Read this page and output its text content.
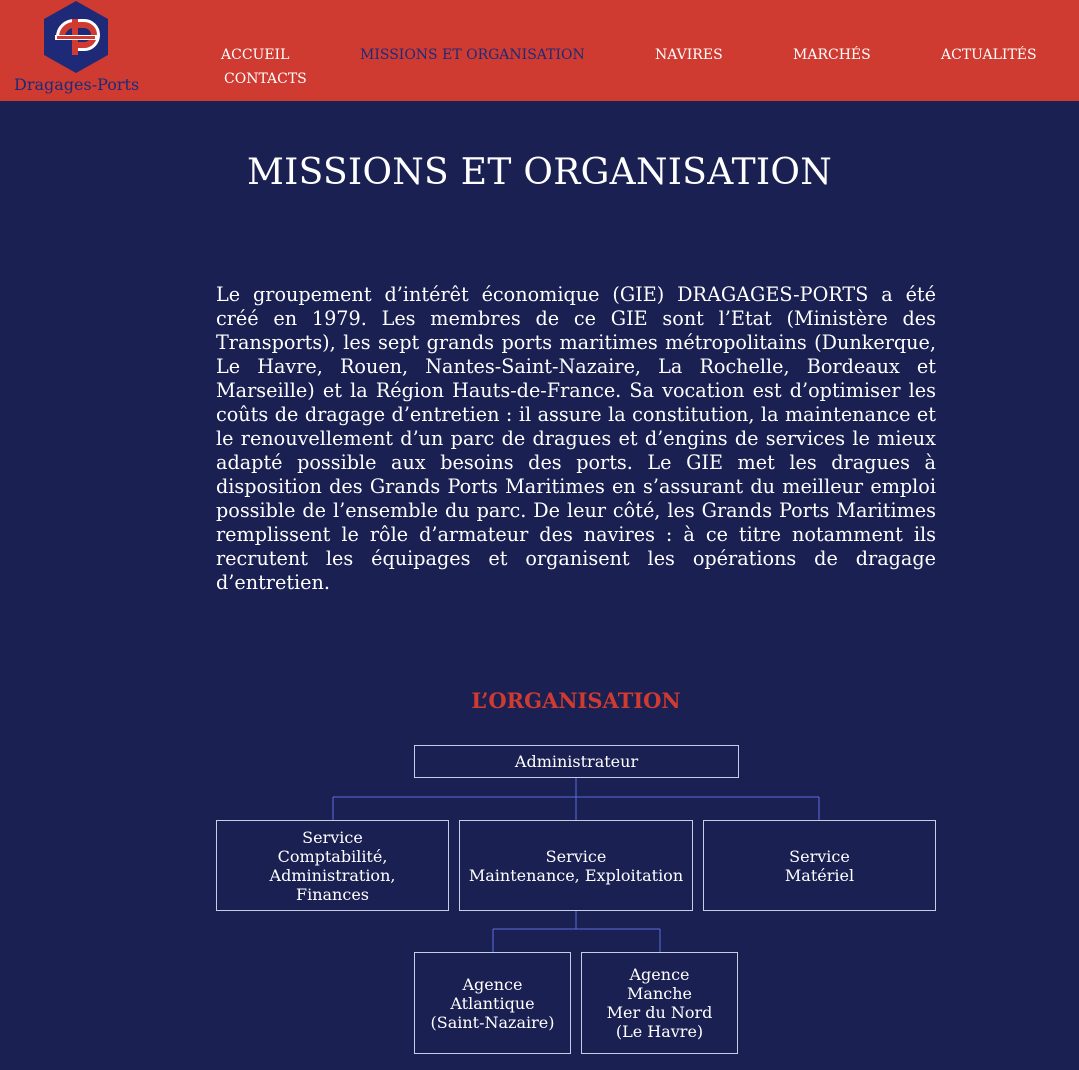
Dragages-Ports
ACCUEIL	MISSIONS ET ORGANISATION	NAVIRES	MARCHÉS	ACTUALITÉS
CONTACTS
MISSIONS ET ORGANISATION

Le groupement d’intérêt économique (GIE) DRAGAGES-PORTS a été créé en 1979. Les membres de ce GIE sont l’Etat (Ministère des Transports), les sept grands ports maritimes métropolitains (Dunkerque, Le Havre, Rouen, Nantes-Saint-Nazaire, La Rochelle, Bordeaux et Marseille) et la Région Hauts-de-France. Sa vocation est d’optimiser les coûts de dragage d’entretien : il assure la constitution, la maintenance et le renouvellement d’un parc de dragues et d’engins de services le mieux adapté possible aux besoins des ports. Le GIE met les dragues à disposition des Grands Ports Maritimes en s’assurant du meilleur emploi possible de l’ensemble du parc. De leur côté, les Grands Ports Maritimes remplissent le rôle d’armateur des navires : à ce titre notamment ils recrutent les équipages et organisent les opérations de dragage d’entretien.

L’ORGANISATION
Administrateur
Service
Comptabilité,
Administration,
Finances
Service
Maintenance, Exploitation
Service
Matériel
Agence
Atlantique
(Saint-Nazaire)
Agence
Manche
Mer du Nord
(Le Havre)
